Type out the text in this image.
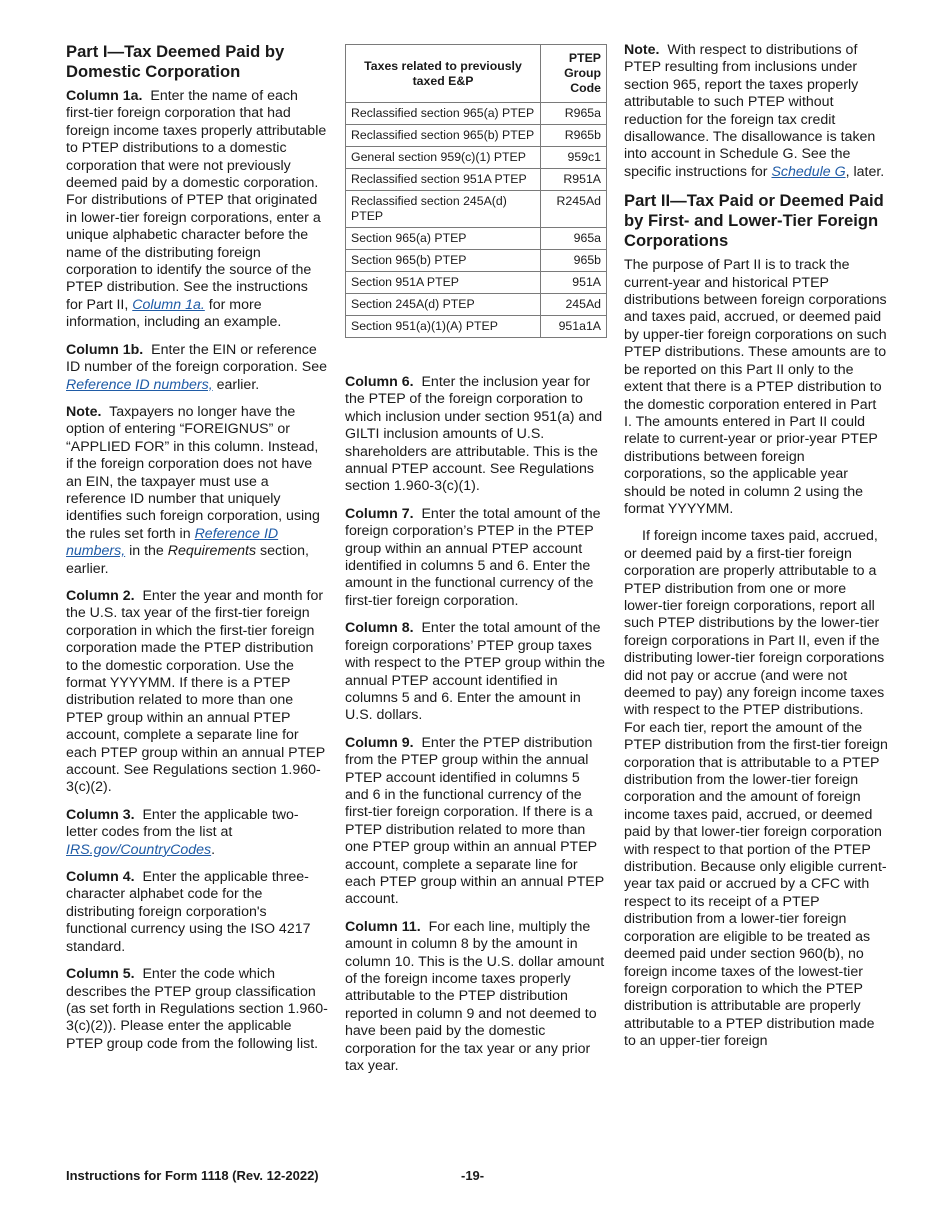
Part I—Tax Deemed Paid by Domestic Corporation

Column 1a. Enter the name of each first-tier foreign corporation that had foreign income taxes properly attributable to PTEP distributions to a domestic corporation that were not previously deemed paid by a domestic corporation. For distributions of PTEP that originated in lower-tier foreign corporations, enter a unique alphabetic character before the name of the distributing foreign corporation to identify the source of the PTEP distribution. See the instructions for Part II, Column 1a. for more information, including an example.

Column 1b. Enter the EIN or reference ID number of the foreign corporation. See Reference ID numbers, earlier.

Note. Taxpayers no longer have the option of entering “FOREIGNUS” or “APPLIED FOR” in this column. Instead, if the foreign corporation does not have an EIN, the taxpayer must use a reference ID number that uniquely identifies such foreign corporation, using the rules set forth in Reference ID numbers, in the Requirements section, earlier.

Column 2. Enter the year and month for the U.S. tax year of the first-tier foreign corporation in which the first-tier foreign corporation made the PTEP distribution to the domestic corporation. Use the format YYYYMM. If there is a PTEP distribution related to more than one PTEP group within an annual PTEP account, complete a separate line for each PTEP group within an annual PTEP account. See Regulations section 1.960-3(c)(2).

Column 3. Enter the applicable two-letter codes from the list at IRS.gov/CountryCodes.

Column 4. Enter the applicable three-character alphabet code for the distributing foreign corporation's functional currency using the ISO 4217 standard.

Column 5. Enter the code which describes the PTEP group classification (as set forth in Regulations section 1.960-3(c)(2)). Please enter the applicable PTEP group code from the following list.

Taxes related to previously taxed E&P	PTEP Group Code
Reclassified section 965(a) PTEP	R965a
Reclassified section 965(b) PTEP	R965b
General section 959(c)(1) PTEP	959c1
Reclassified section 951A PTEP	R951A
Reclassified section 245A(d) PTEP	R245Ad
Section 965(a) PTEP	965a
Section 965(b) PTEP	965b
Section 951A PTEP	951A
Section 245A(d) PTEP	245Ad
Section 951(a)(1)(A) PTEP	951a1A

Column 6. Enter the inclusion year for the PTEP of the foreign corporation to which inclusion under section 951(a) and GILTI inclusion amounts of U.S. shareholders are attributable. This is the annual PTEP account. See Regulations section 1.960-3(c)(1).

Column 7. Enter the total amount of the foreign corporation’s PTEP in the PTEP group within an annual PTEP account identified in columns 5 and 6. Enter the amount in the functional currency of the first-tier foreign corporation.

Column 8. Enter the total amount of the foreign corporations’ PTEP group taxes with respect to the PTEP group within the annual PTEP account identified in columns 5 and 6. Enter the amount in U.S. dollars.

Column 9. Enter the PTEP distribution from the PTEP group within the annual PTEP account identified in columns 5 and 6 in the functional currency of the first-tier foreign corporation. If there is a PTEP distribution related to more than one PTEP group within an annual PTEP account, complete a separate line for each PTEP group within an annual PTEP account.

Column 11. For each line, multiply the amount in column 8 by the amount in column 10. This is the U.S. dollar amount of the foreign income taxes properly attributable to the PTEP distribution reported in column 9 and not deemed to have been paid by the domestic corporation for the tax year or any prior tax year.

Note. With respect to distributions of PTEP resulting from inclusions under section 965, report the taxes properly attributable to such PTEP without reduction for the foreign tax credit disallowance. The disallowance is taken into account in Schedule G. See the specific instructions for Schedule G, later.

Part II—Tax Paid or Deemed Paid by First- and Lower-Tier Foreign Corporations

The purpose of Part II is to track the current-year and historical PTEP distributions between foreign corporations and taxes paid, accrued, or deemed paid by upper-tier foreign corporations on such PTEP distributions. These amounts are to be reported on this Part II only to the extent that there is a PTEP distribution to the domestic corporation entered in Part I. The amounts entered in Part II could relate to current-year or prior-year PTEP distributions between foreign corporations, so the applicable year should be noted in column 2 using the format YYYYMM.

If foreign income taxes paid, accrued, or deemed paid by a first-tier foreign corporation are properly attributable to a PTEP distribution from one or more lower-tier foreign corporations, report all such PTEP distributions by the lower-tier foreign corporations in Part II, even if the distributing lower-tier foreign corporations did not pay or accrue (and were not deemed to pay) any foreign income taxes with respect to the PTEP distributions. For each tier, report the amount of the PTEP distribution from the first-tier foreign corporation that is attributable to a PTEP distribution from the lower-tier foreign corporation and the amount of foreign income taxes paid, accrued, or deemed paid by that lower-tier foreign corporation with respect to that portion of the PTEP distribution. Because only eligible current-year tax paid or accrued by a CFC with respect to its receipt of a PTEP distribution from a lower-tier foreign corporation are eligible to be treated as deemed paid under section 960(b), no foreign income taxes of the lowest-tier foreign corporation to which the PTEP distribution is attributable are properly attributable to a PTEP distribution made to an upper-tier foreign

Instructions for Form 1118 (Rev. 12-2022)	-19-
